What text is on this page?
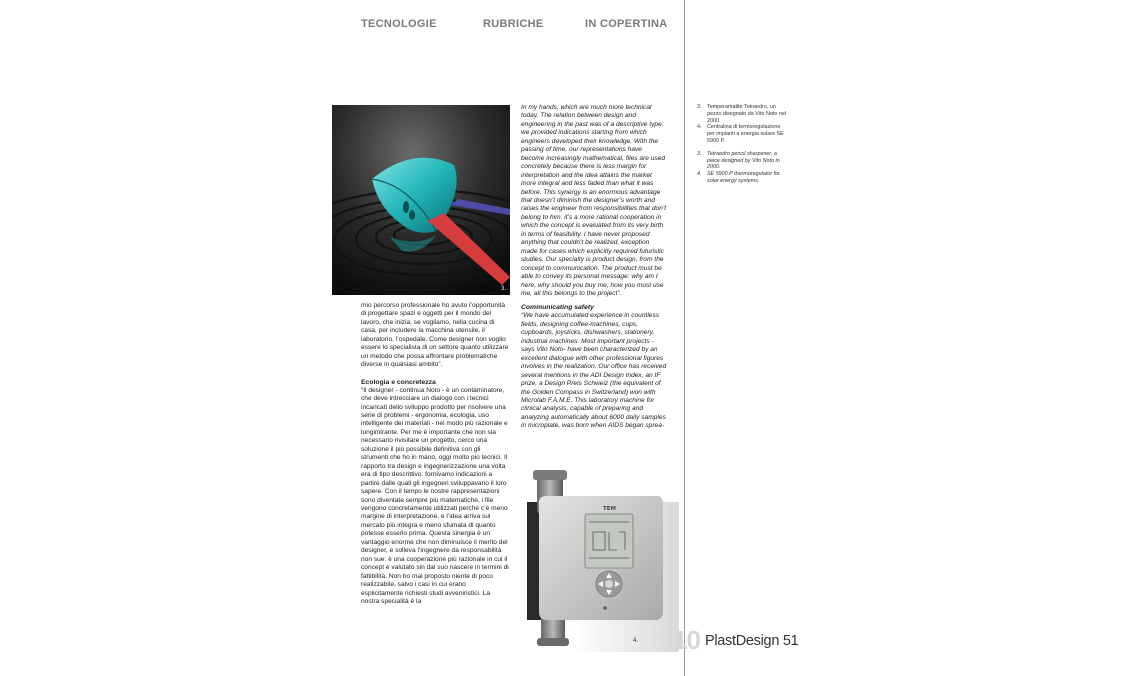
TECNOLOGIE	RUBRICHE	IN COPERTINA
3.

mio percorso professionale ho avuto l’opportunità di progettare spazi e oggetti per il mondo del lavoro, che inizia, se vogliamo, nella cucina di casa, per includere la macchina utensile, il laboratorio, l’ospedale. Come designer non voglio essere lo specialista di un settore quanto utilizzare un metodo che possa affrontare problematiche diverse in qualsiasi ambito”.

Ecologia e concretezza

“Il designer - continua Noto - è un contaminatore, che deve intrecciare un dialogo con i tecnici incaricati dello sviluppo prodotto per risolvere una serie di problemi - ergonomia, ecologia, uso intelligente dei materiali - nel modo più razionale e lungimirante. Per me è importante che non sia necessario rivisitare un progetto, cerco una soluzione il più possibile definitiva con gli strumenti che ho in mano, oggi molto più tecnici. Il rapporto tra design e ingegnerizzazione una volta era di tipo descrittivo: fornivamo indicazioni a partire dalle quali gli ingegneri sviluppavano il loro sapere. Con il tempo le nostre rappresentazioni sono diventate sempre più matematiche, i file vengono concretamente utilizzati perché c’è meno margine di interpretazione, e l’idea arriva sul mercato più integra e meno sfumata di quanto potesse esserlo prima. Questa sinergia è un vantaggio enorme che non diminuisce il merito del designer, e solleva l’ingegnere da responsabilità non sue: è una cooperazione più razionale in cui il concept è valutato sin dal suo nascere in termini di fattibilità. Non ho mai proposto niente di poco realizzabile, salvo i casi in cui erano esplicitamente richiesti studi avveniristici. La nostra specialità è la

In my hands, which are much more technical today. The relation between design and engineering in the past was of a descriptive type: we provided indications starting from which engineers developed their knowledge. With the passing of time, our representations have become increasingly mathematical, files are used concretely because there is less margin for interpretation and the idea attains the market more integral and less faded than what it was before. This synergy is an enormous advantage that doesn’t diminish the designer’s worth and raises the engineer from responsibilities that don’t belong to him: it’s a more rational cooperation in which the concept is evaluated from its very birth in terms of feasibility. I have never proposed anything that couldn’t be realized, exception made for cases which explicitly required futuristic studies. Our specialty is product design, from the concept to communication. The product must be able to convey its personal message: why am I here, why should you buy me, how you must use me, all this belongs to the project”.

Communicating safety

“We have accumulated experience in countless fields, designing coffee-machines, cups, cupboards, joysticks, dishwashers, stationery, industrial machines. Most important projects - says Vito Noto- have been characterized by an excellent dialogue with other professional figures involves in the realization. Our office has received several mentions in the ADI Design Index, an IF prize, a Design Preis Schweiz (the equivalent of the Golden Compass in Switzerland) won with Microlab F.A.M.E. This laboratory machine for clinical analysis, capable of preparing and analyzing automatically about 6000 daily samples in microplate, was born when AIDS began sprea-

3. Temperamatite Tetraedro, un pezzo disegnato da Vito Noto nel 2000.
4. Centralina di termoregolazione per impianti a energia solare SE 5900 P.
3. Tetraedro pencil sharpener, a piece designed by Vito Noto in 2000.
4. SE 5900 P thermoregulator for solar energy systems.
TEM
4. 10 PlastDesign 51
